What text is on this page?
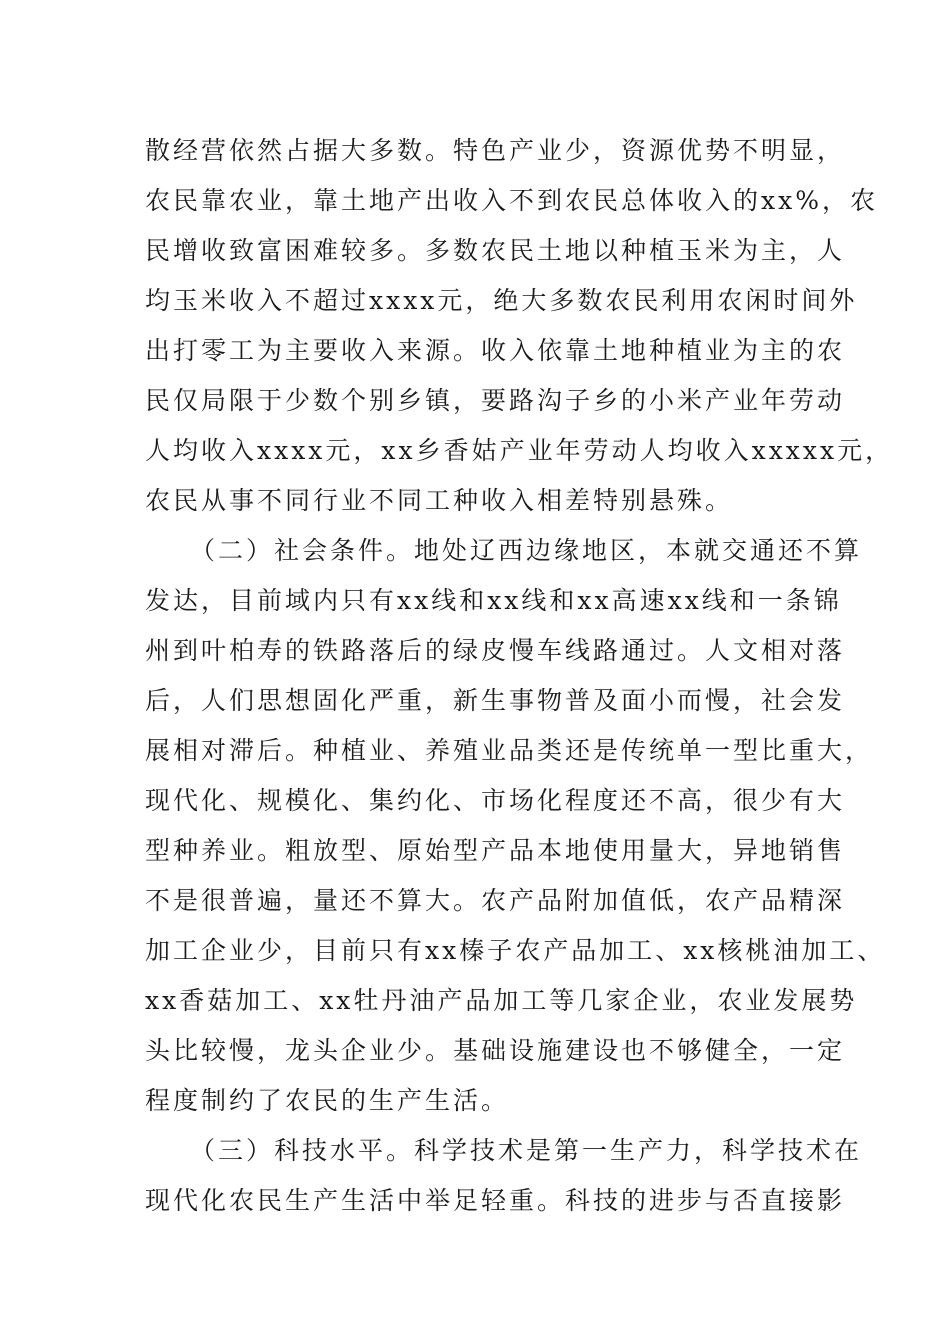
散经营依然占据大多数。特色产业少，资源优势不明显，
农民靠农业，靠土地产出收入不到农民总体收入的xx%，农
民增收致富困难较多。多数农民土地以种植玉米为主，人
均玉米收入不超过xxxx元，绝大多数农民利用农闲时间外
出打零工为主要收入来源。收入依靠土地种植业为主的农
民仅局限于少数个别乡镇，要路沟子乡的小米产业年劳动
人均收入xxxx元，xx乡香姑产业年劳动人均收入xxxxx元，
农民从事不同行业不同工种收入相差特别悬殊。
（二）社会条件。地处辽西边缘地区，本就交通还不算
发达，目前域内只有xx线和xx线和xx高速xx线和一条锦
州到叶柏寿的铁路落后的绿皮慢车线路通过。人文相对落
后，人们思想固化严重，新生事物普及面小而慢，社会发
展相对滞后。种植业、养殖业品类还是传统单一型比重大，
现代化、规模化、集约化、市场化程度还不高，很少有大
型种养业。粗放型、原始型产品本地使用量大，异地销售
不是很普遍，量还不算大。农产品附加值低，农产品精深
加工企业少，目前只有xx榛子农产品加工、xx核桃油加工、
xx香菇加工、xx牡丹油产品加工等几家企业，农业发展势
头比较慢，龙头企业少。基础设施建设也不够健全，一定
程度制约了农民的生产生活。
（三）科技水平。科学技术是第一生产力，科学技术在
现代化农民生产生活中举足轻重。科技的进步与否直接影
